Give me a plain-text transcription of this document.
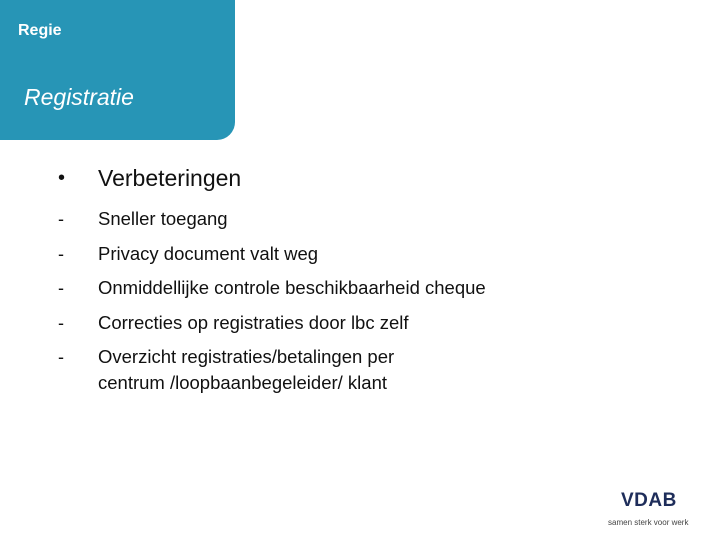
Regie
Registratie
•	Verbeteringen
-	Sneller toegang
-	Privacy document valt weg
-	Onmiddellijke controle beschikbaarheid cheque
-	Correcties op registraties door lbc zelf
-	Overzicht registraties/betalingen per
centrum /loopbaanbegeleider/ klant
VDAB
samen sterk voor werk
